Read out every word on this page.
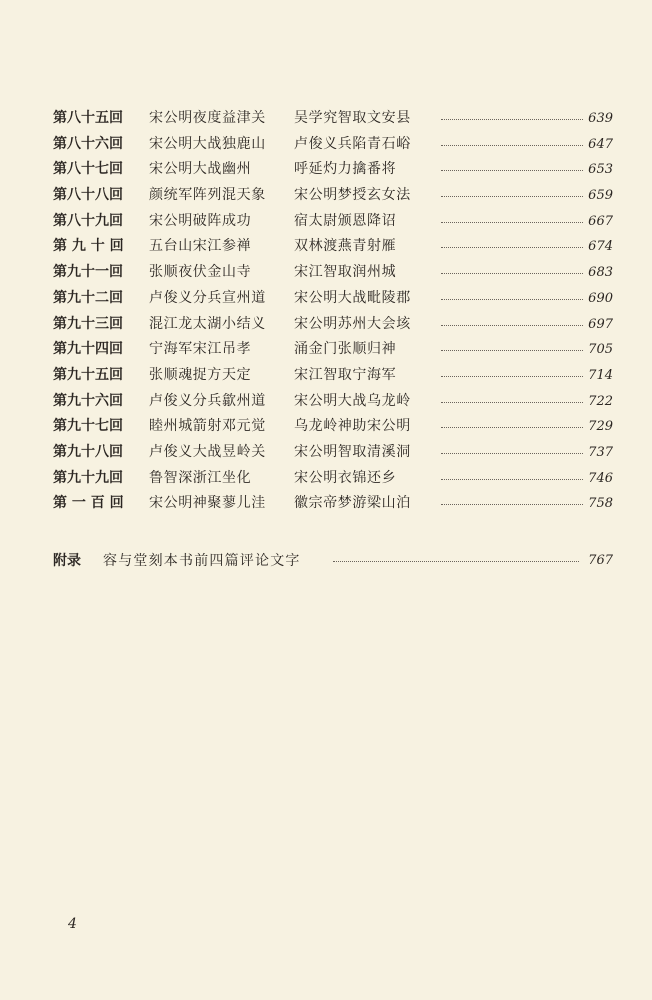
第八十五回	宋公明夜度益津关 吴学究智取文安县	639
第八十六回	宋公明大战独鹿山 卢俊义兵陷青石峪	647
第八十七回	宋公明大战幽州	呼延灼力擒番将	653
第八十八回	颜统军阵列混天象 宋公明梦授玄女法	659
第八十九回	宋公明破阵成功	宿太尉颁恩降诏	667
第 九 十 回	五台山宋江参禅	双林渡燕青射雁	674
第九十一回	张顺夜伏金山寺	宋江智取润州城	683
第九十二回	卢俊义分兵宣州道 宋公明大战毗陵郡	690
第九十三回	混江龙太湖小结义 宋公明苏州大会垓	697
第九十四回	宁海军宋江吊孝	涌金门张顺归神	705
第九十五回	张顺魂捉方天定	宋江智取宁海军	714
第九十六回	卢俊义分兵歙州道 宋公明大战乌龙岭	722
第九十七回	睦州城箭射邓元觉 乌龙岭神助宋公明	729
第九十八回	卢俊义大战昱岭关 宋公明智取清溪洞	737
第九十九回	鲁智深浙江坐化	宋公明衣锦还乡	746
第 一 百 回	宋公明神聚蓼儿洼 徽宗帝梦游梁山泊	758
附录 容与堂刻本书前四篇评论文字	767
4
